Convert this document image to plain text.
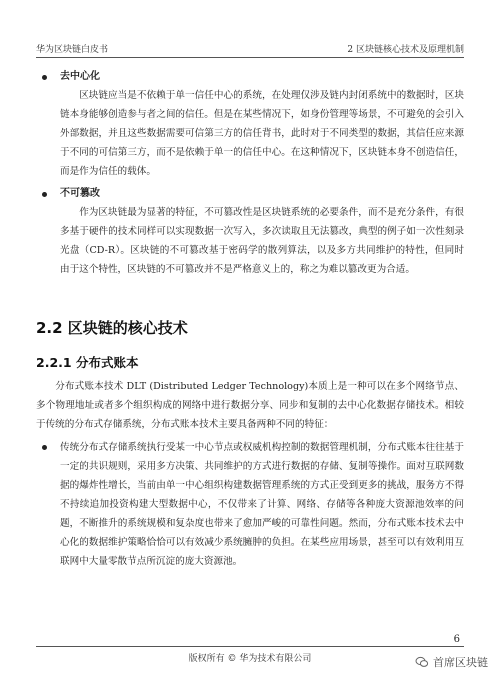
华为区块链白皮书	2 区块链核心技术及原理机制
去中心化

区块链应当是不依赖于单一信任中心的系统，在处理仅涉及链内封闭系统中的数据时，区块链本身能够创造参与者之间的信任。但是在某些情况下，如身份管理等场景，不可避免的会引入外部数据，并且这些数据需要可信第三方的信任背书，此时对于不同类型的数据，其信任应来源于不同的可信第三方，而不是依赖于单一的信任中心。在这种情况下，区块链本身不创造信任，而是作为信任的载体。

不可篡改

作为区块链最为显著的特征，不可篡改性是区块链系统的必要条件，而不是充分条件，有很多基于硬件的技术同样可以实现数据一次写入，多次读取且无法篡改，典型的例子如一次性刻录光盘（CD-R）。区块链的不可篡改基于密码学的散列算法，以及多方共同维护的特性，但同时由于这个特性，区块链的不可篡改并不是严格意义上的，称之为难以篡改更为合适。

2.2 区块链的核心技术
2.2.1 分布式账本

分布式账本技术 DLT (Distributed Ledger Technology)本质上是一种可以在多个网络节点、多个物理地址或者多个组织构成的网络中进行数据分享、同步和复制的去中心化数据存储技术。相较于传统的分布式存储系统，分布式账本技术主要具备两种不同的特征：

传统分布式存储系统执行受某一中心节点或权威机构控制的数据管理机制，分布式账本往往基于一定的共识规则，采用多方决策、共同维护的方式进行数据的存储、复制等操作。面对互联网数据的爆炸性增长，当前由单一中心组织构建数据管理系统的方式正受到更多的挑战，服务方不得不持续追加投资构建大型数据中心，不仅带来了计算、网络、存储等各种庞大资源池效率的问题，不断推升的系统规模和复杂度也带来了愈加严峻的可靠性问题。然而，分布式账本技术去中心化的数据维护策略恰恰可以有效减少系统臃肿的负担。在某些应用场景，甚至可以有效利用互联网中大量零散节点所沉淀的庞大资源池。
6
版权所有 © 华为技术有限公司	首席区块链
